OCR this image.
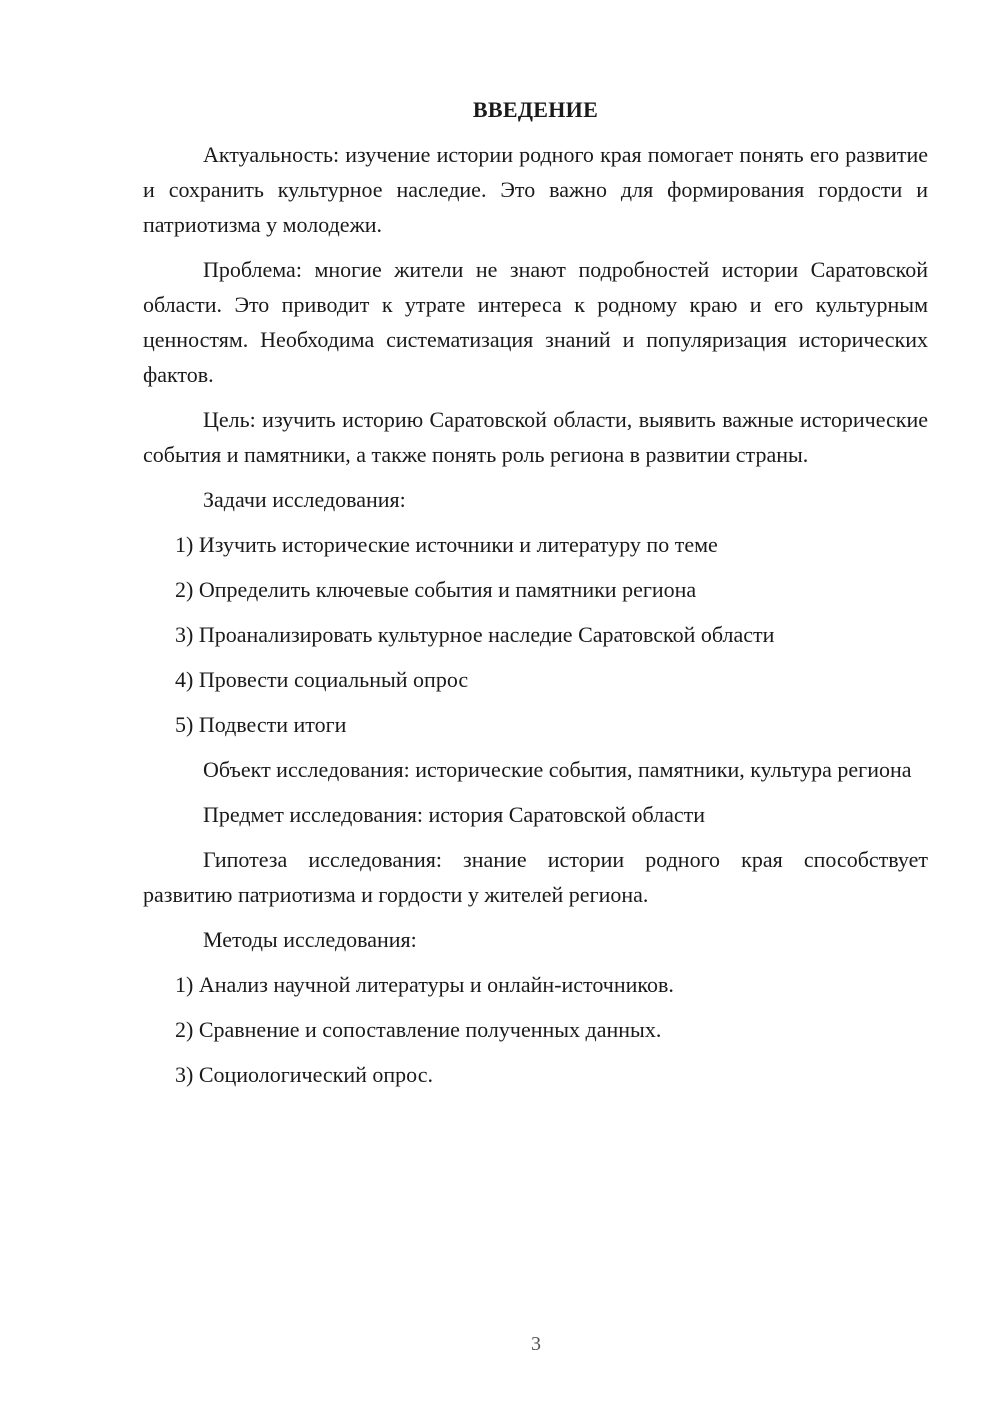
ВВЕДЕНИЕ
Актуальность: изучение истории родного края помогает понять его развитие и сохранить культурное наследие. Это важно для формирования гордости и патриотизма у молодежи.
Проблема: многие жители не знают подробностей истории Саратовской области. Это приводит к утрате интереса к родному краю и его культурным ценностям. Необходима систематизация знаний и популяризация исторических фактов.
Цель: изучить историю Саратовской области, выявить важные исторические события и памятники, а также понять роль региона в развитии страны.
Задачи исследования:
1) Изучить исторические источники и литературу по теме
2) Определить ключевые события и памятники региона
3) Проанализировать культурное наследие Саратовской области
4) Провести социальный опрос
5) Подвести итоги
Объект исследования: исторические события, памятники, культура региона
Предмет исследования: история Саратовской области
Гипотеза исследования: знание истории родного края способствует развитию патриотизма и гордости у жителей региона.
Методы исследования:
1) Анализ научной литературы и онлайн-источников.
2) Сравнение и сопоставление полученных данных.
3) Социологический опрос.
3
